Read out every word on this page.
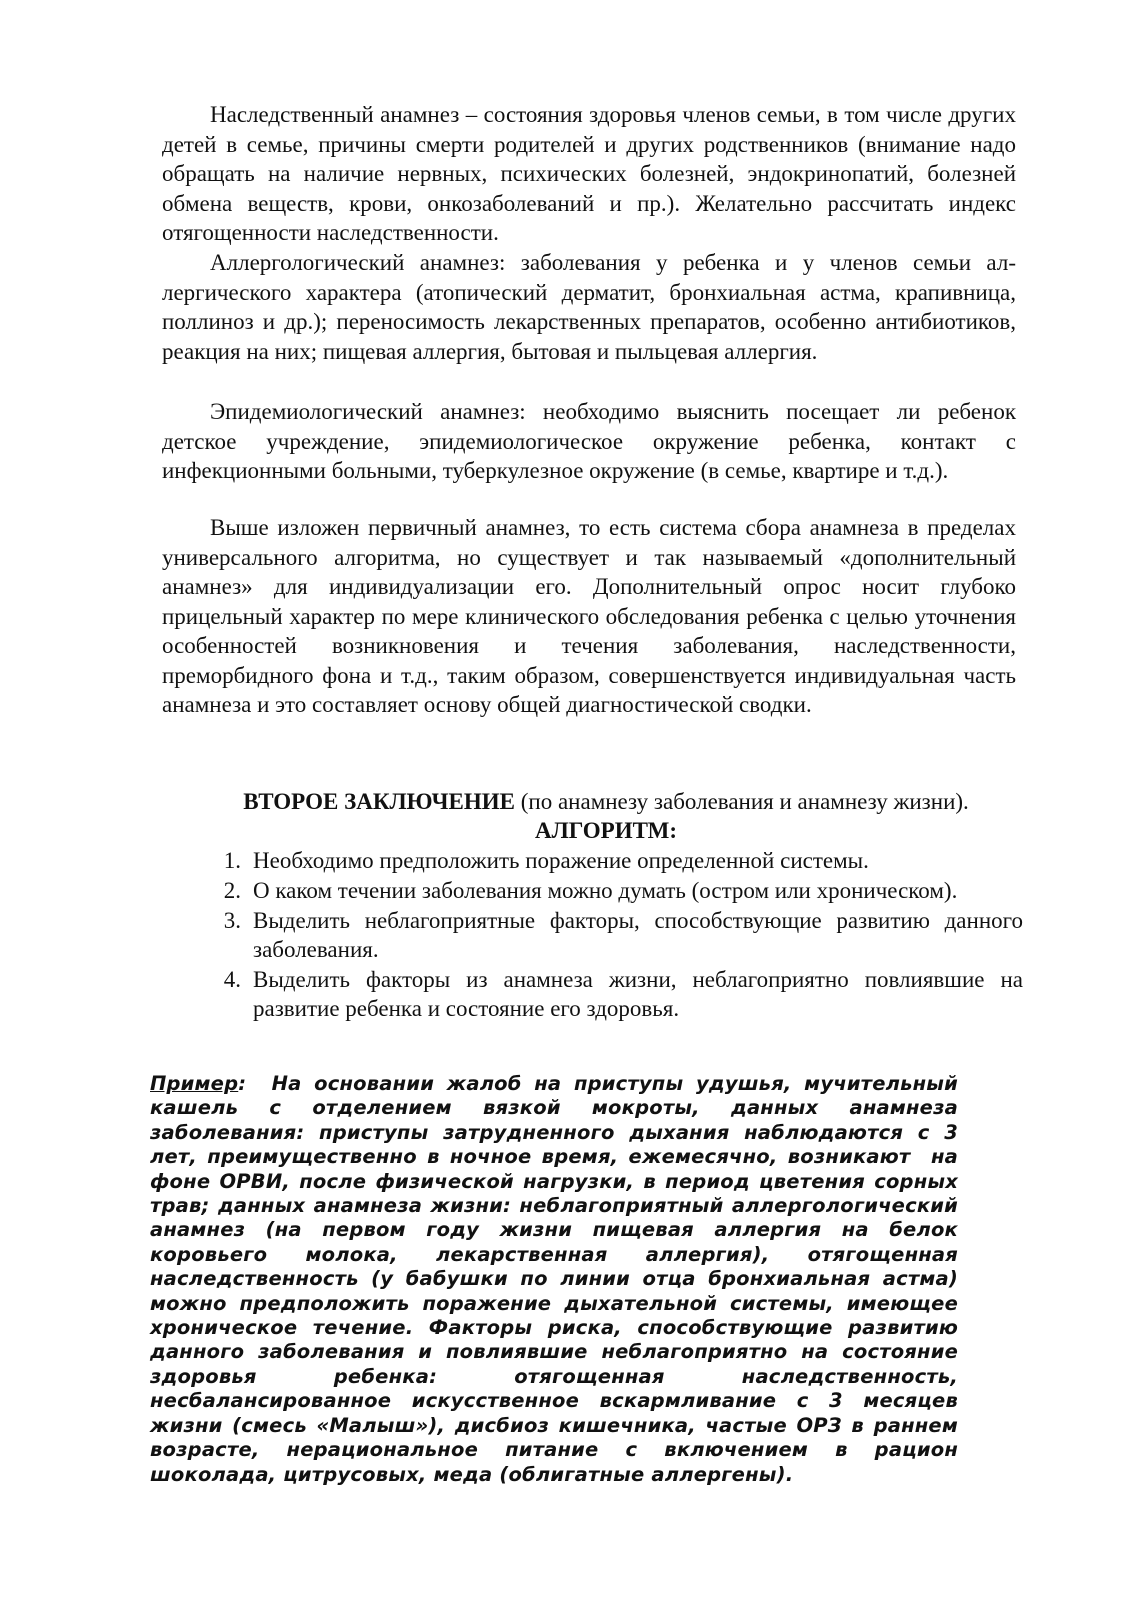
Наследственный анамнез – состояния здоровья членов семьи, в том числе других детей в семье, причины смерти родителей и других родственников (внимание надо обращать на наличие нервных, психических болезней, эндокринопатий, болезней обмена веществ, крови, онкозаболеваний и пр.). Желательно рассчитать индекс отягощенности наследственности.

Аллергологический анамнез: заболевания у ребенка и у членов семьи аллергического характера (атопический дерматит, бронхиальная астма, крапивница, поллиноз и др.); переносимость лекарственных препаратов, особенно антибиотиков, реакция на них; пищевая аллергия, бытовая и пыльцевая аллергия.

Эпидемиологический анамнез: необходимо выяснить посещает ли ребенок детское учреждение, эпидемиологическое окружение ребенка, контакт с инфекционными больными, туберкулезное окружение (в семье, квартире и т.д.).

Выше изложен первичный анамнез, то есть система сбора анамнеза в пределах универсального алгоритма, но существует и так называемый «дополнительный анамнез» для индивидуализации его. Дополнительный опрос носит глубоко прицельный характер по мере клинического обследования ребенка с целью уточнения особенностей возникновения и течения заболевания, наследственности, преморбидного фона и т.д., таким образом, совершенствуется индивидуальная часть анамнеза и это составляет основу общей диагностической сводки.

ВТОРОЕ ЗАКЛЮЧЕНИЕ (по анамнезу заболевания и анамнезу жизни).

АЛГОРИТМ:

1. Необходимо предположить поражение определенной системы.
2. О каком течении заболевания можно думать (остром или хроническом).
3. Выделить неблагоприятные факторы, способствующие развитию данного заболевания.
4. Выделить факторы из анамнеза жизни, неблагоприятно повлиявшие на развитие ребенка и состояние его здоровья.

Пример:  На основании жалоб на приступы удушья, мучительный кашель с отделением вязкой мокроты, данных анамнеза заболевания: приступы затрудненного дыхания наблюдаются с 3 лет, преимущественно в ночное время, ежемесячно, возникают  на фоне ОРВИ, после физической нагрузки, в период цветения сорных трав; данных анамнеза жизни: неблагоприятный аллергологический анамнез (на первом году жизни пищевая аллергия на белок коровьего молока, лекарственная аллергия), отягощенная наследственность (у бабушки по линии отца бронхиальная астма) можно предположить поражение дыхательной системы, имеющее хроническое течение. Факторы риска, способствующие развитию данного заболевания и повлиявшие неблагоприятно на состояние здоровья ребенка: отягощенная наследственность, несбалансированное искусственное вскармливание с 3 месяцев жизни (смесь «Малыш»), дисбиоз кишечника, частые ОРЗ в раннем возрасте, нерациональное питание с включением в рацион шоколада, цитрусовых, меда (облигатные аллергены).
